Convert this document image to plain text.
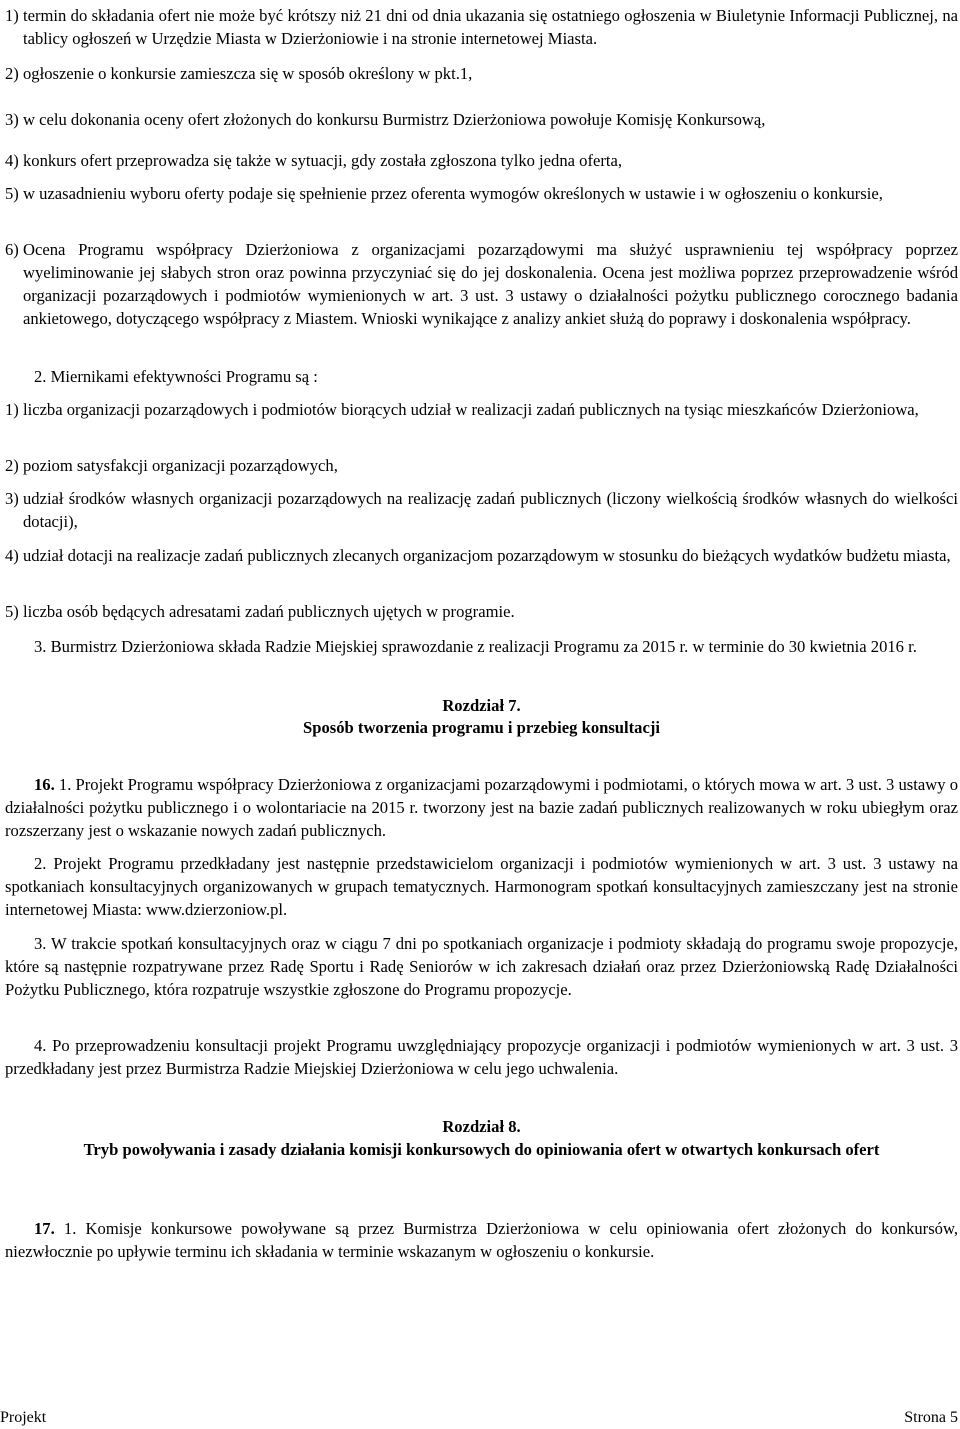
1) termin do składania ofert nie może być krótszy niż 21 dni od dnia ukazania się ostatniego ogłoszenia w Biuletynie Informacji Publicznej, na tablicy ogłoszeń w Urzędzie Miasta w Dzierżoniowie i na stronie internetowej Miasta.
2) ogłoszenie o konkursie zamieszcza się w sposób określony w pkt.1,
3) w celu dokonania oceny ofert złożonych do konkursu Burmistrz Dzierżoniowa powołuje Komisję Konkursową,
4) konkurs ofert przeprowadza się także w sytuacji, gdy została zgłoszona tylko jedna oferta,
5) w uzasadnieniu wyboru oferty podaje się spełnienie przez oferenta wymogów określonych w ustawie i w ogłoszeniu o konkursie,
6) Ocena Programu współpracy Dzierżoniowa z organizacjami pozarządowymi ma służyć usprawnieniu tej współpracy poprzez wyeliminowanie jej słabych stron oraz powinna przyczyniać się do jej doskonalenia. Ocena jest możliwa poprzez przeprowadzenie wśród organizacji pozarządowych i podmiotów wymienionych w art. 3 ust. 3 ustawy o działalności pożytku publicznego corocznego badania ankietowego, dotyczącego współpracy z Miastem. Wnioski wynikające z analizy ankiet służą do poprawy i doskonalenia współpracy.

2. Miernikami efektywności Programu są :

1) liczba organizacji pozarządowych i podmiotów biorących udział w realizacji zadań publicznych na tysiąc mieszkańców Dzierżoniowa,
2) poziom satysfakcji organizacji pozarządowych,
3) udział środków własnych organizacji pozarządowych na realizację zadań publicznych (liczony wielkością środków własnych do wielkości dotacji),
4) udział dotacji na realizacje zadań publicznych zlecanych organizacjom pozarządowym w stosunku do bieżących wydatków budżetu miasta,
5) liczba osób będących adresatami zadań publicznych ujętych w programie.

3. Burmistrz Dzierżoniowa składa Radzie Miejskiej sprawozdanie z realizacji Programu za 2015 r. w terminie do 30 kwietnia 2016 r.

Rozdział 7.

Sposób tworzenia programu i przebieg konsultacji

16. 1. Projekt Programu współpracy Dzierżoniowa z organizacjami pozarządowymi i podmiotami, o których mowa w art. 3 ust. 3 ustawy o działalności pożytku publicznego i o wolontariacie na 2015 r. tworzony jest na bazie zadań publicznych realizowanych w roku ubiegłym oraz rozszerzany jest o wskazanie nowych zadań publicznych.

2. Projekt Programu przedkładany jest następnie przedstawicielom organizacji i podmiotów wymienionych w art. 3 ust. 3 ustawy na spotkaniach konsultacyjnych organizowanych w grupach tematycznych. Harmonogram spotkań konsultacyjnych zamieszczany jest na stronie internetowej Miasta: www.dzierzoniow.pl.

3. W trakcie spotkań konsultacyjnych oraz w ciągu 7 dni po spotkaniach organizacje i podmioty składają do programu swoje propozycje, które są następnie rozpatrywane przez Radę Sportu i Radę Seniorów w ich zakresach działań oraz przez Dzierżoniowską Radę Działalności Pożytku Publicznego, która rozpatruje wszystkie zgłoszone do Programu propozycje.

4. Po przeprowadzeniu konsultacji projekt Programu uwzględniający propozycje organizacji i podmiotów wymienionych w art. 3 ust. 3 przedkładany jest przez Burmistrza Radzie Miejskiej Dzierżoniowa w celu jego uchwalenia.

Rozdział 8.

Tryb powoływania i zasady działania komisji konkursowych do opiniowania ofert w otwartych konkursach ofert

17. 1. Komisje konkursowe powoływane są przez Burmistrza Dzierżoniowa w celu opiniowania ofert złożonych do konkursów, niezwłocznie po upływie terminu ich składania w terminie wskazanym w ogłoszeniu o konkursie.

Projekt	Strona 5
